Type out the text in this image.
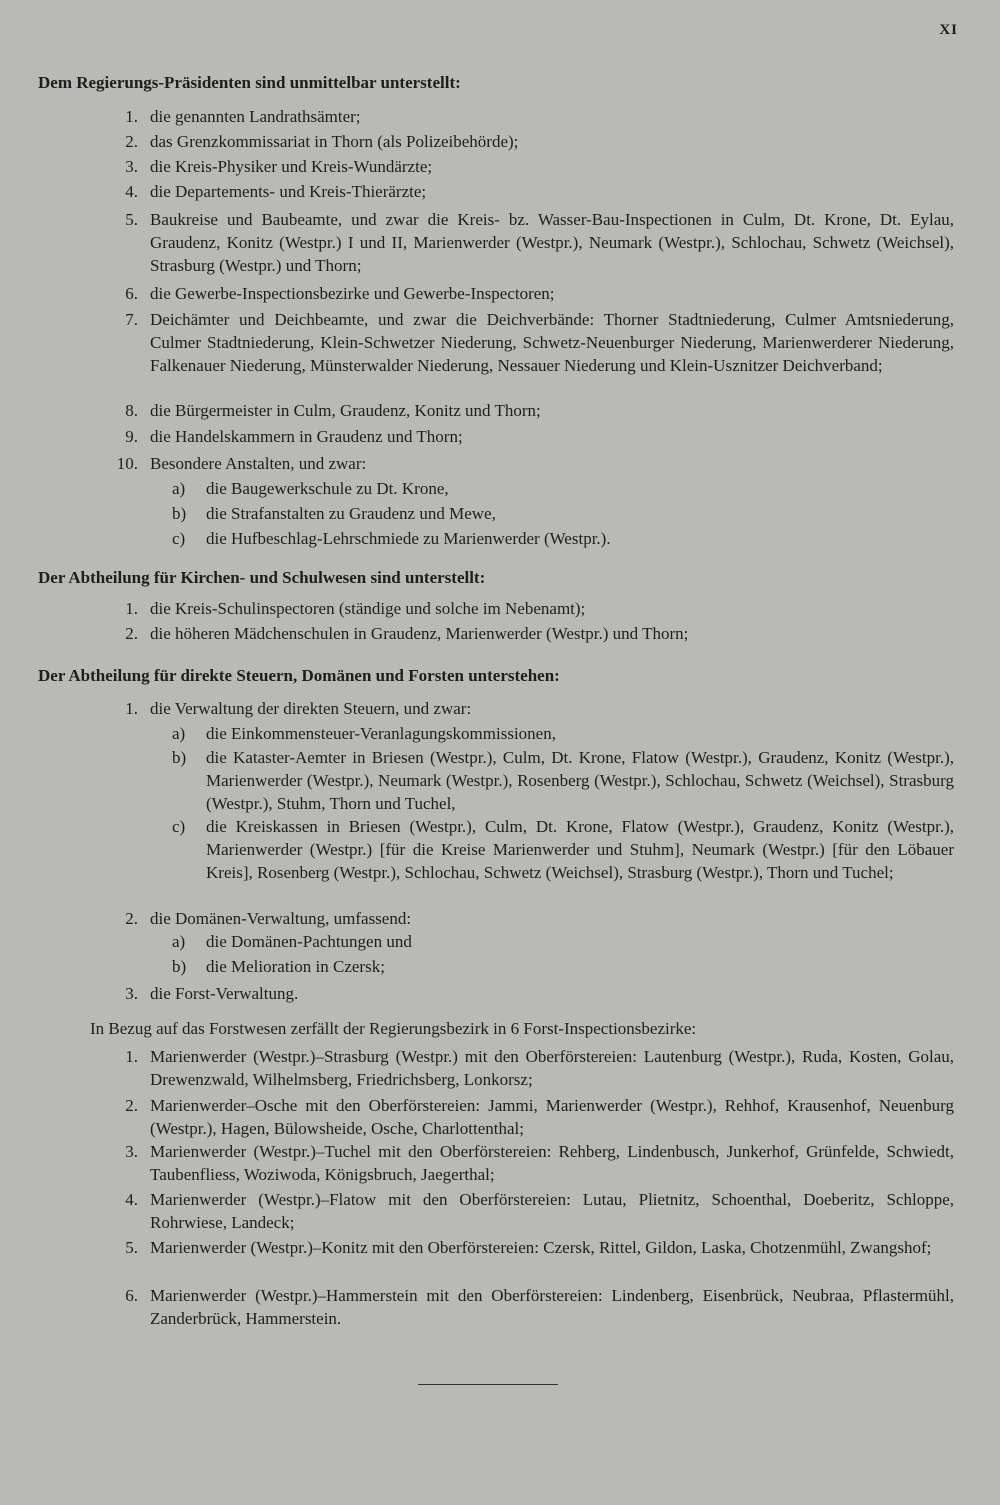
XI
Dem Regierungs-Präsidenten sind unmittelbar unterstellt:
1. die genannten Landrathsämter;
2. das Grenzkommissariat in Thorn (als Polizeibehörde);
3. die Kreis-Physiker und Kreis-Wundärzte;
4. die Departements- und Kreis-Thierärzte;
5. Baukreise und Baubeamte, und zwar die Kreis- bz. Wasser-Bau-Inspectionen in Culm, Dt. Krone, Dt. Eylau, Graudenz, Konitz (Westpr.) I und II, Marienwerder (Westpr.), Neumark (Westpr.), Schlochau, Schwetz (Weichsel), Strasburg (Westpr.) und Thorn;
6. die Gewerbe-Inspectionsbezirke und Gewerbe-Inspectoren;
7. Deichämter und Deichbeamte, und zwar die Deichverbände: Thorner Stadtniederung, Culmer Amtsniederung, Culmer Stadtniederung, Klein-Schwetzer Niederung, Schwetz-Neuenburger Niederung, Marienwerderer Niederung, Falkenauer Niederung, Münsterwalder Niederung, Nessauer Niederung und Klein-Usznitzer Deichverband;
8. die Bürgermeister in Culm, Graudenz, Konitz und Thorn;
9. die Handelskammern in Graudenz und Thorn;
10. Besondere Anstalten, und zwar:
a) die Baugewerkschule zu Dt. Krone,
b) die Strafanstalten zu Graudenz und Mewe,
c) die Hufbeschlag-Lehrschmiede zu Marienwerder (Westpr.).
Der Abtheilung für Kirchen- und Schulwesen sind unterstellt:
1. die Kreis-Schulinspectoren (ständige und solche im Nebenamt);
2. die höheren Mädchenschulen in Graudenz, Marienwerder (Westpr.) und Thorn;
Der Abtheilung für direkte Steuern, Domänen und Forsten unterstehen:
1. die Verwaltung der direkten Steuern, und zwar:
a) die Einkommensteuer-Veranlagungskommissionen,
b) die Kataster-Aemter in Briesen (Westpr.), Culm, Dt. Krone, Flatow (Westpr.), Graudenz, Konitz (Westpr.), Marienwerder (Westpr.), Neumark (Westpr.), Rosenberg (Westpr.), Schlochau, Schwetz (Weichsel), Strasburg (Westpr.), Stuhm, Thorn und Tuchel,
c) die Kreiskassen in Briesen (Westpr.), Culm, Dt. Krone, Flatow (Westpr.), Graudenz, Konitz (Westpr.), Marienwerder (Westpr.) [für die Kreise Marienwerder und Stuhm], Neumark (Westpr.) [für den Löbauer Kreis], Rosenberg (Westpr.), Schlochau, Schwetz (Weichsel), Strasburg (Westpr.), Thorn und Tuchel;
2. die Domänen-Verwaltung, umfassend:
a) die Domänen-Pachtungen und
b) die Melioration in Czersk;
3. die Forst-Verwaltung.
In Bezug auf das Forstwesen zerfällt der Regierungsbezirk in 6 Forst-Inspectionsbezirke:
1. Marienwerder (Westpr.)–Strasburg (Westpr.) mit den Oberförstereien: Lautenburg (Westpr.), Ruda, Kosten, Golau, Drewenzwald, Wilhelmsberg, Friedrichsberg, Lonkorsz;
2. Marienwerder–Osche mit den Oberförstereien: Jammi, Marienwerder (Westpr.), Rehhof, Krausenhof, Neuenburg (Westpr.), Hagen, Bülowsheide, Osche, Charlottenthal;
3. Marienwerder (Westpr.)–Tuchel mit den Oberförstereien: Rehberg, Lindenbusch, Junkerhof, Grünfelde, Schwiedt, Taubenfliess, Woziwoda, Königsbruch, Jaegerthal;
4. Marienwerder (Westpr.)–Flatow mit den Oberförstereien: Lutau, Plietnitz, Schoenthal, Doeberitz, Schloppe, Rohrwiese, Landeck;
5. Marienwerder (Westpr.)–Konitz mit den Oberförstereien: Czersk, Rittel, Gildon, Laska, Chotzenmühl, Zwangshof;
6. Marienwerder (Westpr.)–Hammerstein mit den Oberförstereien: Lindenberg, Eisenbrück, Neubraa, Pflastermühl, Zanderbrück, Hammerstein.
